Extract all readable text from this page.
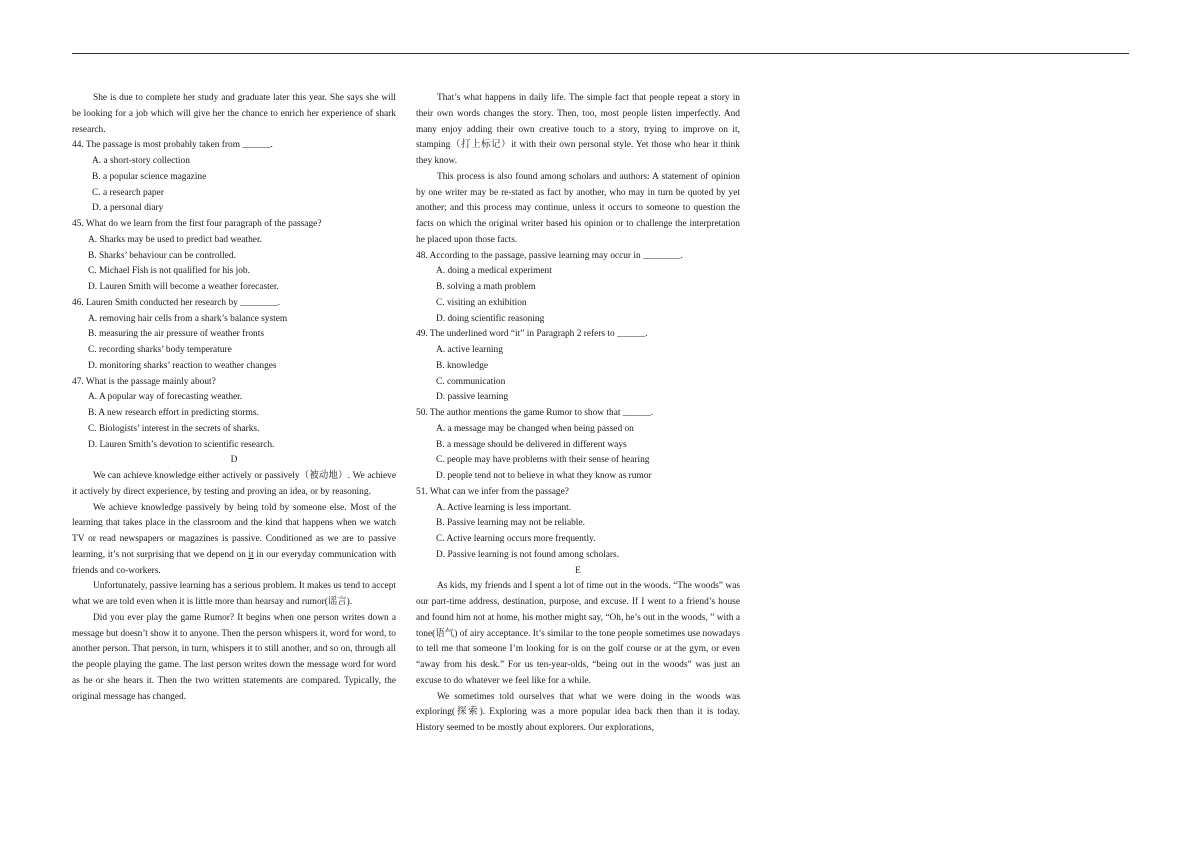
She is due to complete her study and graduate later this year. She says she will be looking for a job which will give her the chance to enrich her experience of shark research.

44. The passage is most probably taken from ______.

A. a short-story collection

B. a popular science magazine

C. a research paper

D. a personal diary

45. What do we learn from the first four paragraph of the passage?

A. Sharks may be used to predict bad weather.

B. Sharks’ behaviour can be controlled.

C. Michael Fish is not qualified for his job.

D. Lauren Smith will become a weather forecaster.

46. Lauren Smith conducted her research by ________.

A. removing hair cells from a shark’s balance system

B. measuring the air pressure of weather fronts

C. recording sharks’ body temperature

D. monitoring sharks’ reaction to weather changes

47. What is the passage mainly about?

A. A popular way of forecasting weather.

B. A new research effort in predicting storms.

C. Biologists’ interest in the secrets of sharks.

D. Lauren Smith’s devotion to scientific research.

D

We can achieve knowledge either actively or passively（被动地）. We achieve it actively by direct experience, by testing and proving an idea, or by reasoning.

We achieve knowledge passively by being told by someone else. Most of the learning that takes place in the classroom and the kind that happens when we watch TV or read newspapers or magazines is passive. Conditioned as we are to passive learning, it’s not surprising that we depend on it in our everyday communication with friends and co-workers.

Unfortunately, passive learning has a serious problem. It makes us tend to accept what we are told even when it is little more than hearsay and rumor(谣言).

Did you ever play the game Rumor? It begins when one person writes down a message but doesn’t show it to anyone. Then the person whispers it, word for word, to another person. That person, in turn, whispers it to still another, and so on, through all the people playing the game. The last person writes down the message word for word as he or she hears it. Then the two written statements are compared. Typically, the original message has changed.

That’s what happens in daily life. The simple fact that people repeat a story in their own words changes the story. Then, too, most people listen imperfectly. And many enjoy adding their own creative touch to a story, trying to improve on it, stamping（打上标记）it with their own personal style. Yet those who hear it think they know.

This process is also found among scholars and authors: A statement of opinion by one writer may be re-stated as fact by another, who may in turn be quoted by yet another; and this process may continue, unless it occurs to someone to question the facts on which the original writer based his opinion or to challenge the interpretation he placed upon those facts.

48. According to the passage, passive learning may occur in ________.

A. doing a medical experiment

B. solving a math problem

C. visiting an exhibition

D. doing scientific reasoning

49. The underlined word “it” in Paragraph 2 refers to ______.

A. active learning

B. knowledge

C. communication

D. passive learning

50. The author mentions the game Rumor to show that ______.

A. a message may be changed when being passed on

B. a message should be delivered in different ways

C. people may have problems with their sense of hearing

D. people tend not to believe in what they know as rumor

51. What can we infer from the passage?

A. Active learning is less important.

B. Passive learning may not be reliable.

C. Active learning occurs more frequently.

D. Passive learning is not found among scholars.

E

As kids, my friends and I spent a lot of time out in the woods. “The woods” was our part-time address, destination, purpose, and excuse. If I went to a friend’s house and found him not at home, his mother might say, “Oh, he’s out in the woods, ” with a tone(语气) of airy acceptance. It’s similar to the tone people sometimes use nowadays to tell me that someone I’m looking for is on the golf course or at the gym, or even “away from his desk.” For us ten-year-olds, “being out in the woods” was just an excuse to do whatever we feel like for a while.

We sometimes told ourselves that what we were doing in the woods was exploring(探索). Exploring was a more popular idea back then than it is today. History seemed to be mostly about explorers. Our explorations,
